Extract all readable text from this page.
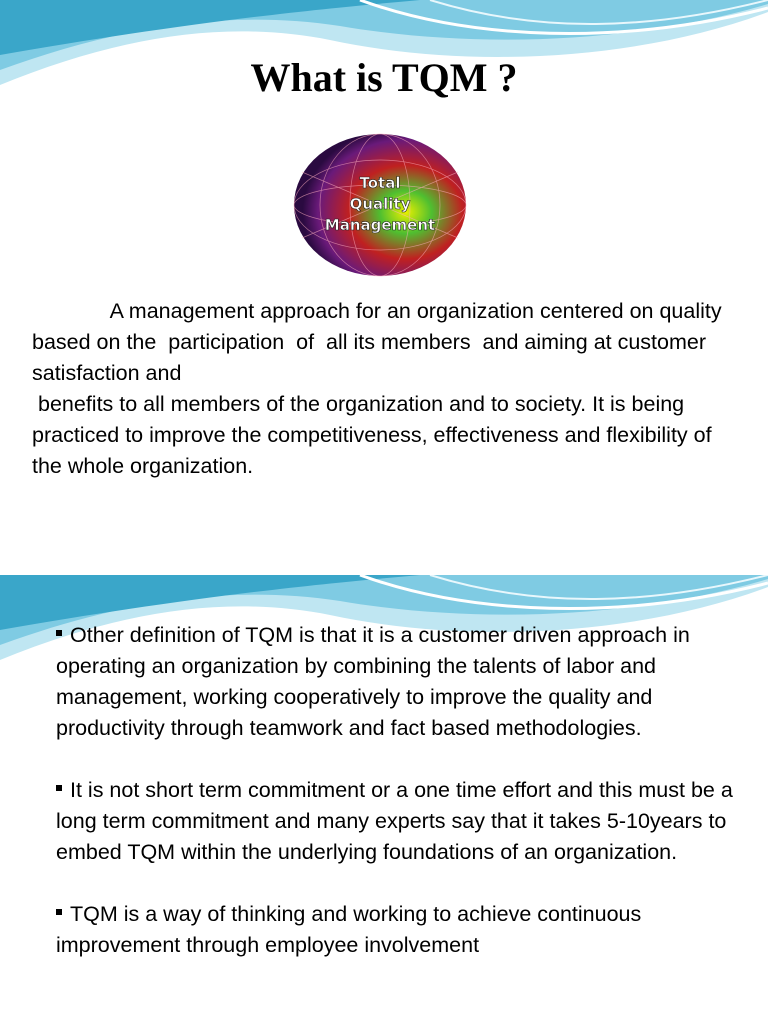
What is TQM ?
Total
Quality
Management

A management approach for an organization centered on quality based on the  participation  of  all its members  and aiming at customer satisfaction and
benefits to all members of the organization and to society. It is being practiced to improve the competitiveness, effectiveness and flexibility of the whole organization.

Other definition of TQM is that it is a customer driven approach in operating an organization by combining the talents of labor and management, working cooperatively to improve the quality and productivity through teamwork and fact based methodologies.
It is not short term commitment or a one time effort and this must be a long term commitment and many experts say that it takes 5-10years to embed TQM within the underlying foundations of an organization.
TQM is a way of thinking and working to achieve continuous improvement through employee involvement
